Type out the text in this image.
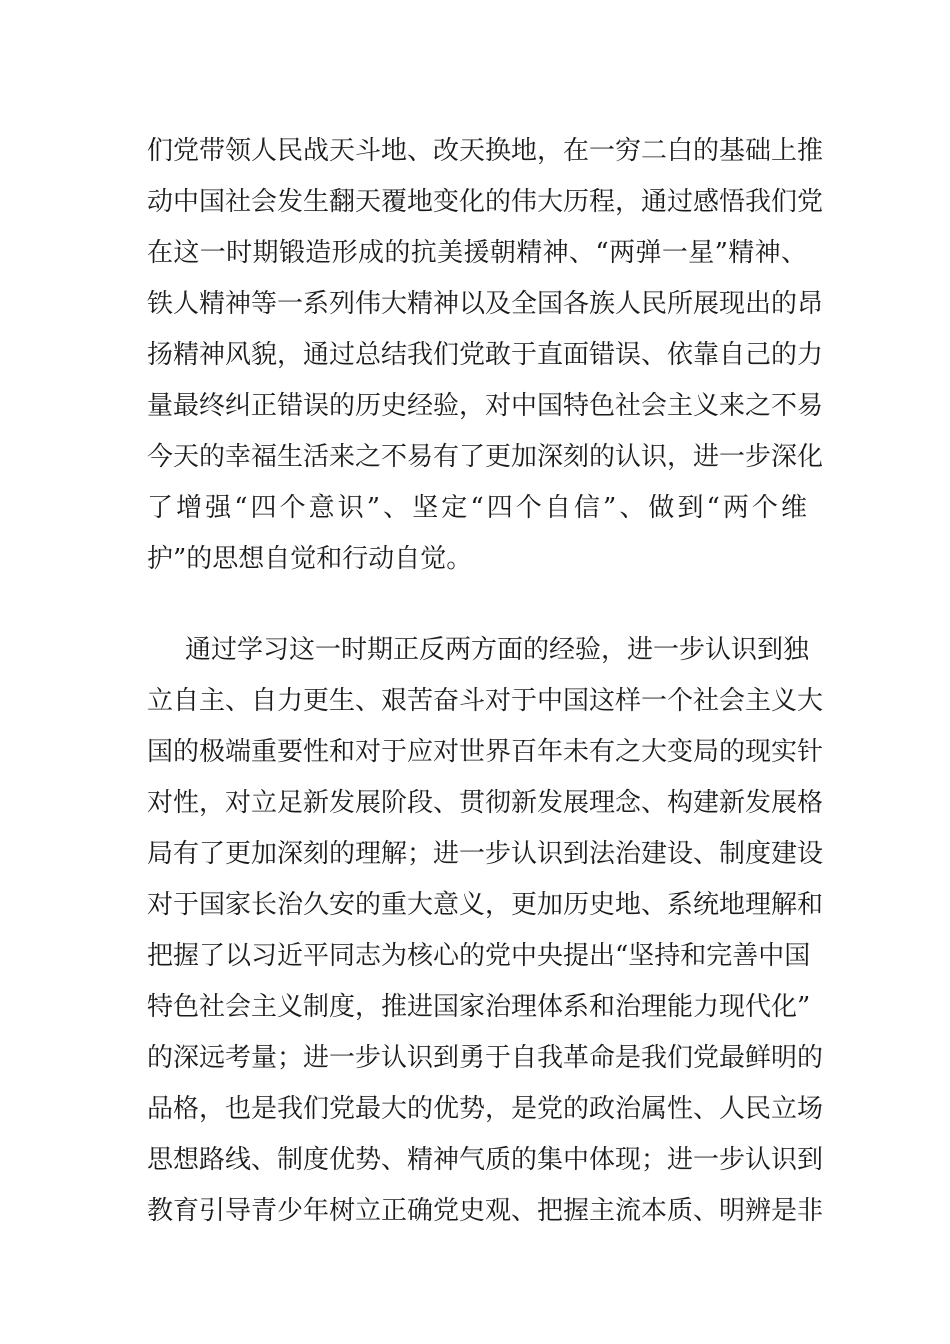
们党带领人民战天斗地、改天换地，在一穷二白的基础上推
动中国社会发生翻天覆地变化的伟大历程，通过感悟我们党
在这一时期锻造形成的抗美援朝精神、“两弹一星”精神、
铁人精神等一系列伟大精神以及全国各族人民所展现出的昂
扬精神风貌，通过总结我们党敢于直面错误、依靠自己的力
量最终纠正错误的历史经验，对中国特色社会主义来之不易
今天的幸福生活来之不易有了更加深刻的认识，进一步深化
了增强“四个意识”、坚定“四个自信”、做到“两个维
护”的思想自觉和行动自觉。
通过学习这一时期正反两方面的经验，进一步认识到独
立自主、自力更生、艰苦奋斗对于中国这样一个社会主义大
国的极端重要性和对于应对世界百年未有之大变局的现实针
对性，对立足新发展阶段、贯彻新发展理念、构建新发展格
局有了更加深刻的理解；进一步认识到法治建设、制度建设
对于国家长治久安的重大意义，更加历史地、系统地理解和
把握了以习近平同志为核心的党中央提出“坚持和完善中国
特色社会主义制度，推进国家治理体系和治理能力现代化”
的深远考量；进一步认识到勇于自我革命是我们党最鲜明的
品格，也是我们党最大的优势，是党的政治属性、人民立场
思想路线、制度优势、精神气质的集中体现；进一步认识到
教育引导青少年树立正确党史观、把握主流本质、明辨是非
